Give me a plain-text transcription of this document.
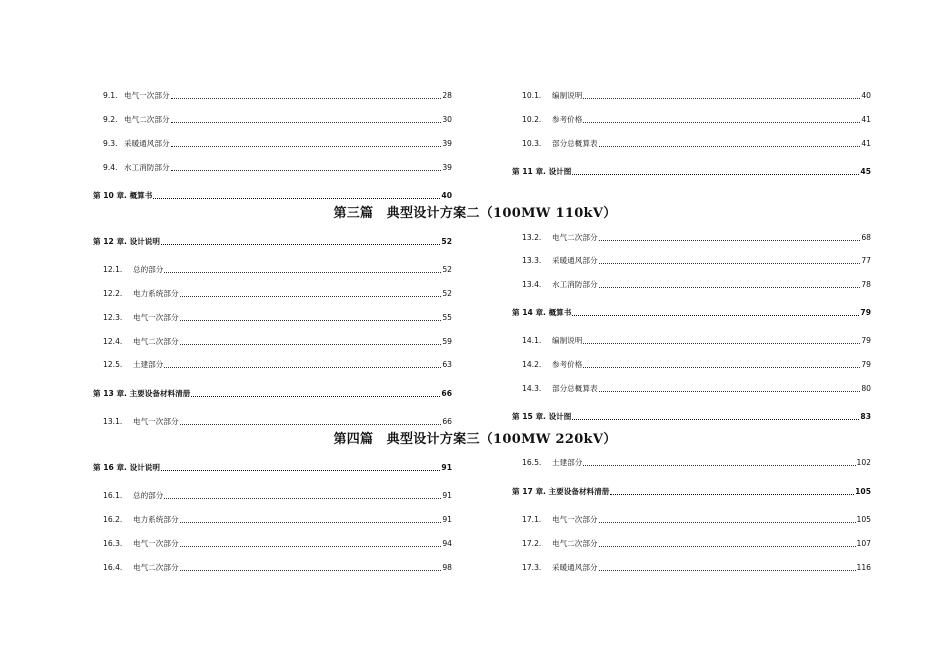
9.1. 电气一次部分	28
9.2. 电气二次部分	30
9.3. 采暖通风部分	39
9.4. 水工消防部分	39
第 10 章. 概算书	40
10.1.	编制说明	40
10.2.	参考价格	41
10.3.	部分总概算表	41
第 11 章. 设计图	45
第三篇　典型设计方案二（100MW 110kV）
第 12 章. 设计说明	52
12.1.	总的部分	52
12.2.	电力系统部分	52
12.3.	电气一次部分	55
12.4.	电气二次部分	59
12.5.	土建部分	63
第 13 章. 主要设备材料清册	66
13.1.	电气一次部分	66
13.2.	电气二次部分	68
13.3.	采暖通风部分	77
13.4.	水工消防部分	78
第 14 章. 概算书	79
14.1.	编制说明	79
14.2.	参考价格	79
14.3.	部分总概算表	80
第 15 章. 设计图	83
第四篇　典型设计方案三（100MW 220kV）
第 16 章. 设计说明	91
16.1.	总的部分	91
16.2.	电力系统部分	91
16.3.	电气一次部分	94
16.4.	电气二次部分	98
16.5.	土建部分	102
第 17 章. 主要设备材料清册	105
17.1.	电气一次部分	105
17.2.	电气二次部分	107
17.3.	采暖通风部分	116
